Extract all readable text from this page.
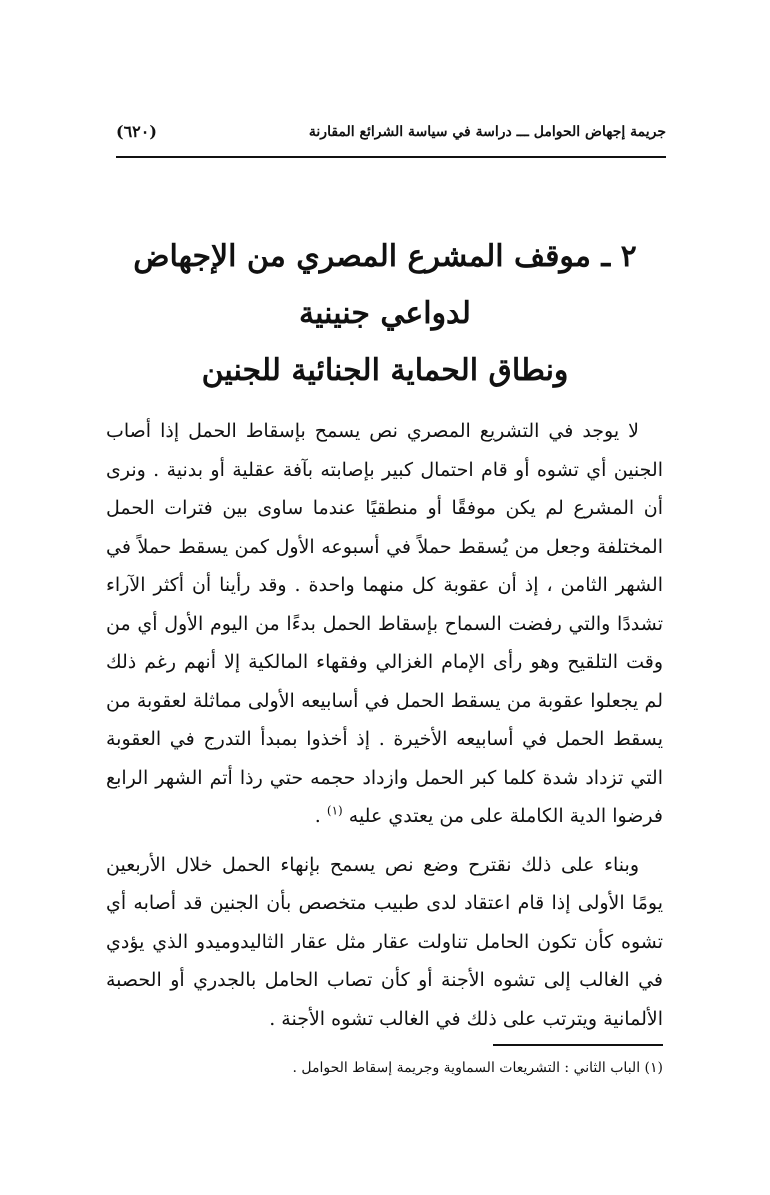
جريمة إجهاض الحوامل ـــ دراسة في سياسة الشرائع المقارنة
(٦٢٠)
٢ ـ موقف المشرع المصري من الإجهاض
لدواعي جنينية
ونطاق الحماية الجنائية للجنين

لا يوجد في التشريع المصري نص يسمح بإسقاط الحمل إذا أصاب الجنين أي تشوه أو قام احتمال كبير بإصابته بآفة عقلية أو بدنية . ونرى أن المشرع لم يكن موفقًا أو منطقيًا عندما ساوى بين فترات الحمل المختلفة وجعل من يُسقط حملاً في أسبوعه الأول كمن يسقط حملاً في الشهر الثامن ، إذ أن عقوبة كل منهما واحدة . وقد رأينا أن أكثر الآراء تشددًا والتي رفضت السماح بإسقاط الحمل بدءًا من اليوم الأول أي من وقت التلقيح وهو رأى الإمام الغزالي وفقهاء المالكية إلا أنهم رغم ذلك لم يجعلوا عقوبة من يسقط الحمل في أسابيعه الأولى مماثلة لعقوبة من يسقط الحمل في أسابيعه الأخيرة . إذ أخذوا بمبدأ التدرج في العقوبة التي تزداد شدة كلما كبر الحمل وازداد حجمه حتي رذا أتم الشهر الرابع فرضوا الدية الكاملة على من يعتدي عليه $^{(١)}$ .

وبناء على ذلك نقترح وضع نص يسمح بإنهاء الحمل خلال الأربعين يومًا الأولى إذا قام اعتقاد لدى طبيب متخصص بأن الجنين قد أصابه أي تشوه كأن تكون الحامل تناولت عقار مثل عقار الثاليدوميدو الذي يؤدي في الغالب إلى تشوه الأجنة أو كأن تصاب الحامل بالجدري أو الحصبة الألمانية ويترتب على ذلك في الغالب تشوه الأجنة .

(١) الباب الثاني : التشريعات السماوية وجريمة إسقاط الحوامل .
